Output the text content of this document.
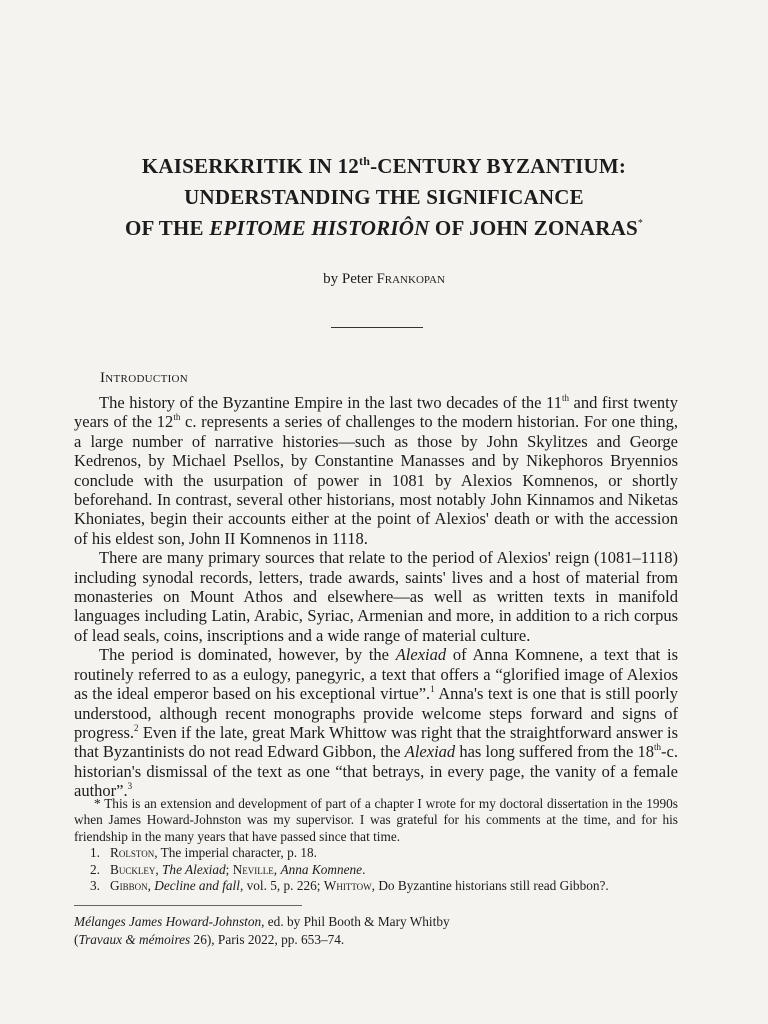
KAISERKRITIK IN 12th-CENTURY BYZANTIUM:
UNDERSTANDING THE SIGNIFICANCE
OF THE EPITOME HISTORIÔN OF JOHN ZONARAS*
by Peter Frankopan
Introduction

The history of the Byzantine Empire in the last two decades of the 11th and first twenty years of the 12th c. represents a series of challenges to the modern historian. For one thing, a large number of narrative histories—such as those by John Skylitzes and George Kedrenos, by Michael Psellos, by Constantine Manasses and by Nikephoros Bryennios conclude with the usurpation of power in 1081 by Alexios Komnenos, or shortly beforehand. In contrast, several other historians, most notably John Kinnamos and Niketas Khoniates, begin their accounts either at the point of Alexios' death or with the accession of his eldest son, John II Komnenos in 1118.

There are many primary sources that relate to the period of Alexios' reign (1081–1118) including synodal records, letters, trade awards, saints' lives and a host of material from monasteries on Mount Athos and elsewhere—as well as written texts in manifold languages including Latin, Arabic, Syriac, Armenian and more, in addition to a rich corpus of lead seals, coins, inscriptions and a wide range of material culture.

The period is dominated, however, by the Alexiad of Anna Komnene, a text that is routinely referred to as a eulogy, panegyric, a text that offers a “glorified image of Alexios as the ideal emperor based on his exceptional virtue”.$^1$ Anna's text is one that is still poorly understood, although recent monographs provide welcome steps forward and signs of progress.$^2$ Even if the late, great Mark Whittow was right that the straightforward answer is that Byzantinists do not read Edward Gibbon, the Alexiad has long suffered from the 18th-c. historian's dismissal of the text as one “that betrays, in every page, the vanity of a female author”.$^3$

* This is an extension and development of part of a chapter I wrote for my doctoral dissertation in the 1990s when James Howard-Johnston was my supervisor. I was grateful for his comments at the time, and for his friendship in the many years that have passed since that time.

1. Rolston, The imperial character, p. 18.

2. Buckley, The Alexiad; Neville, Anna Komnene.

3. Gibbon, Decline and fall, vol. 5, p. 226; Whittow, Do Byzantine historians still read Gibbon?.

Mélanges James Howard-Johnston, ed. by Phil Booth & Mary Whitby

(Travaux & mémoires 26), Paris 2022, pp. 653–74.
